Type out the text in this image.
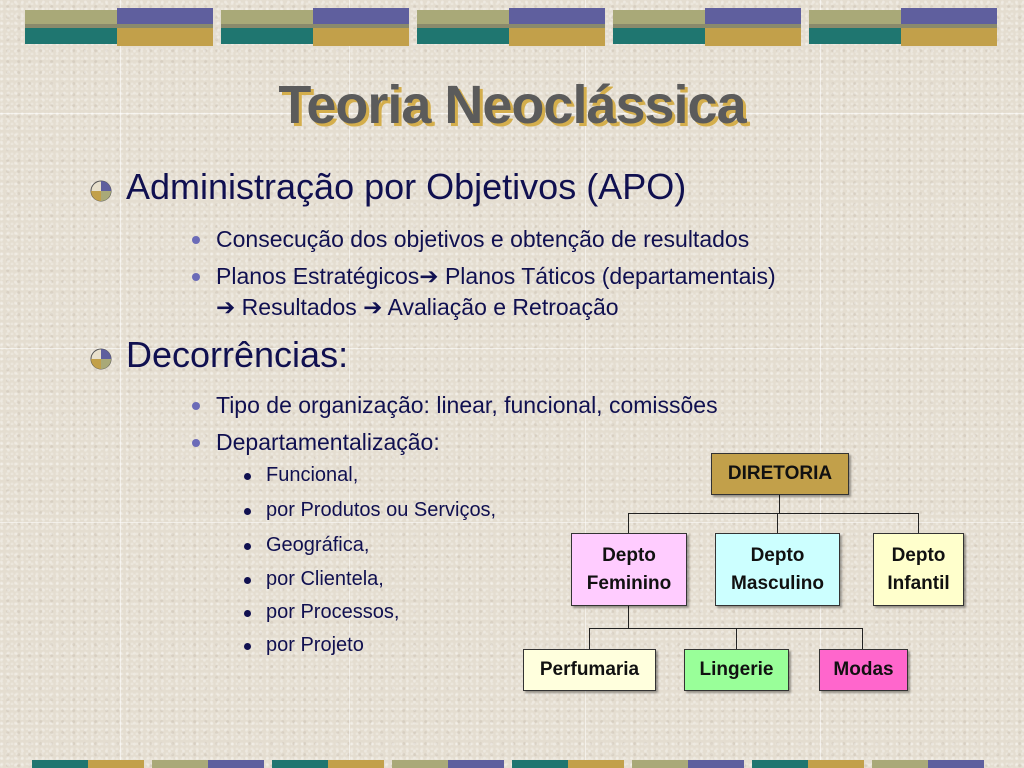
Teoria Neoclássica
Administração por Objetivos (APO)
Consecução dos objetivos e obtenção de resultados
Planos Estratégicos➔ Planos Táticos (departamentais)
➔ Resultados ➔ Avaliação e Retroação
Decorrências:
Tipo de organização: linear, funcional, comissões
Departamentalização:
Funcional,
por Produtos ou Serviços,
Geográfica,
por Clientela,
por Processos,
por Projeto
DIRETORIA
Depto
Feminino
Depto
Masculino
Depto
Infantil
Perfumaria	Lingerie	Modas
